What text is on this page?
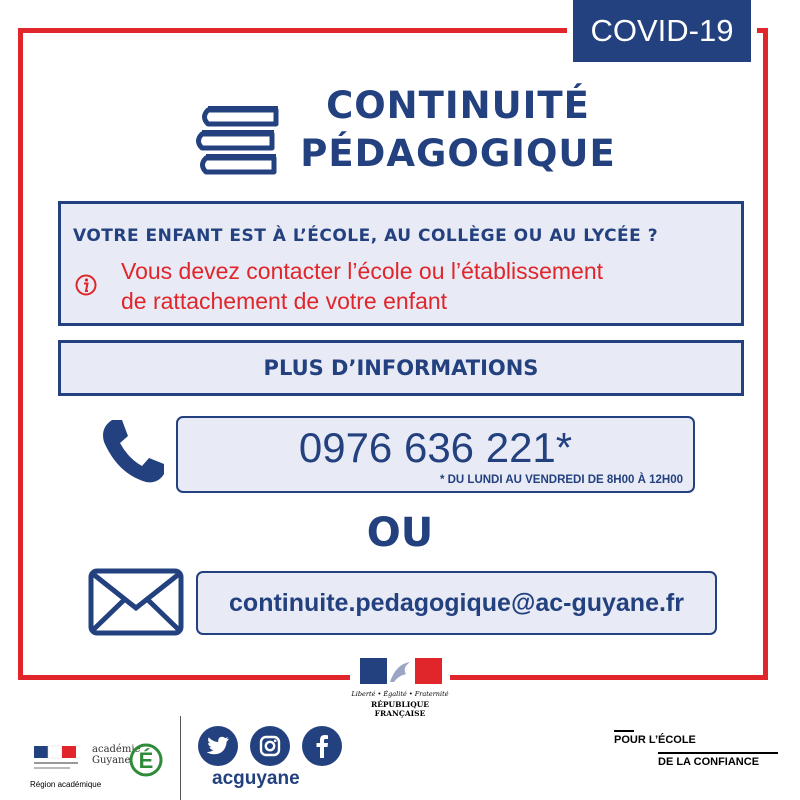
COVID-19
CONTINUITÉ
PÉDAGOGIQUE
VOTRE ENFANT EST À L’ÉCOLE, AU COLLÈGE OU AU LYCÉE ?
Vous devez contacter l’école ou l’établissement
de rattachement de votre enfant
PLUS D’INFORMATIONS
0976 636 221*
* DU LUNDI AU VENDREDI DE 8H00 À 12H00
OU
continuite.pedagogique@ac-guyane.fr
Liberté • Égalité • Fraternité
RÉPUBLIQUE FRANÇAISE
Région académique
académie Guyane É
acguyane
POUR L’ÉCOLE
DE LA CONFIANCE
